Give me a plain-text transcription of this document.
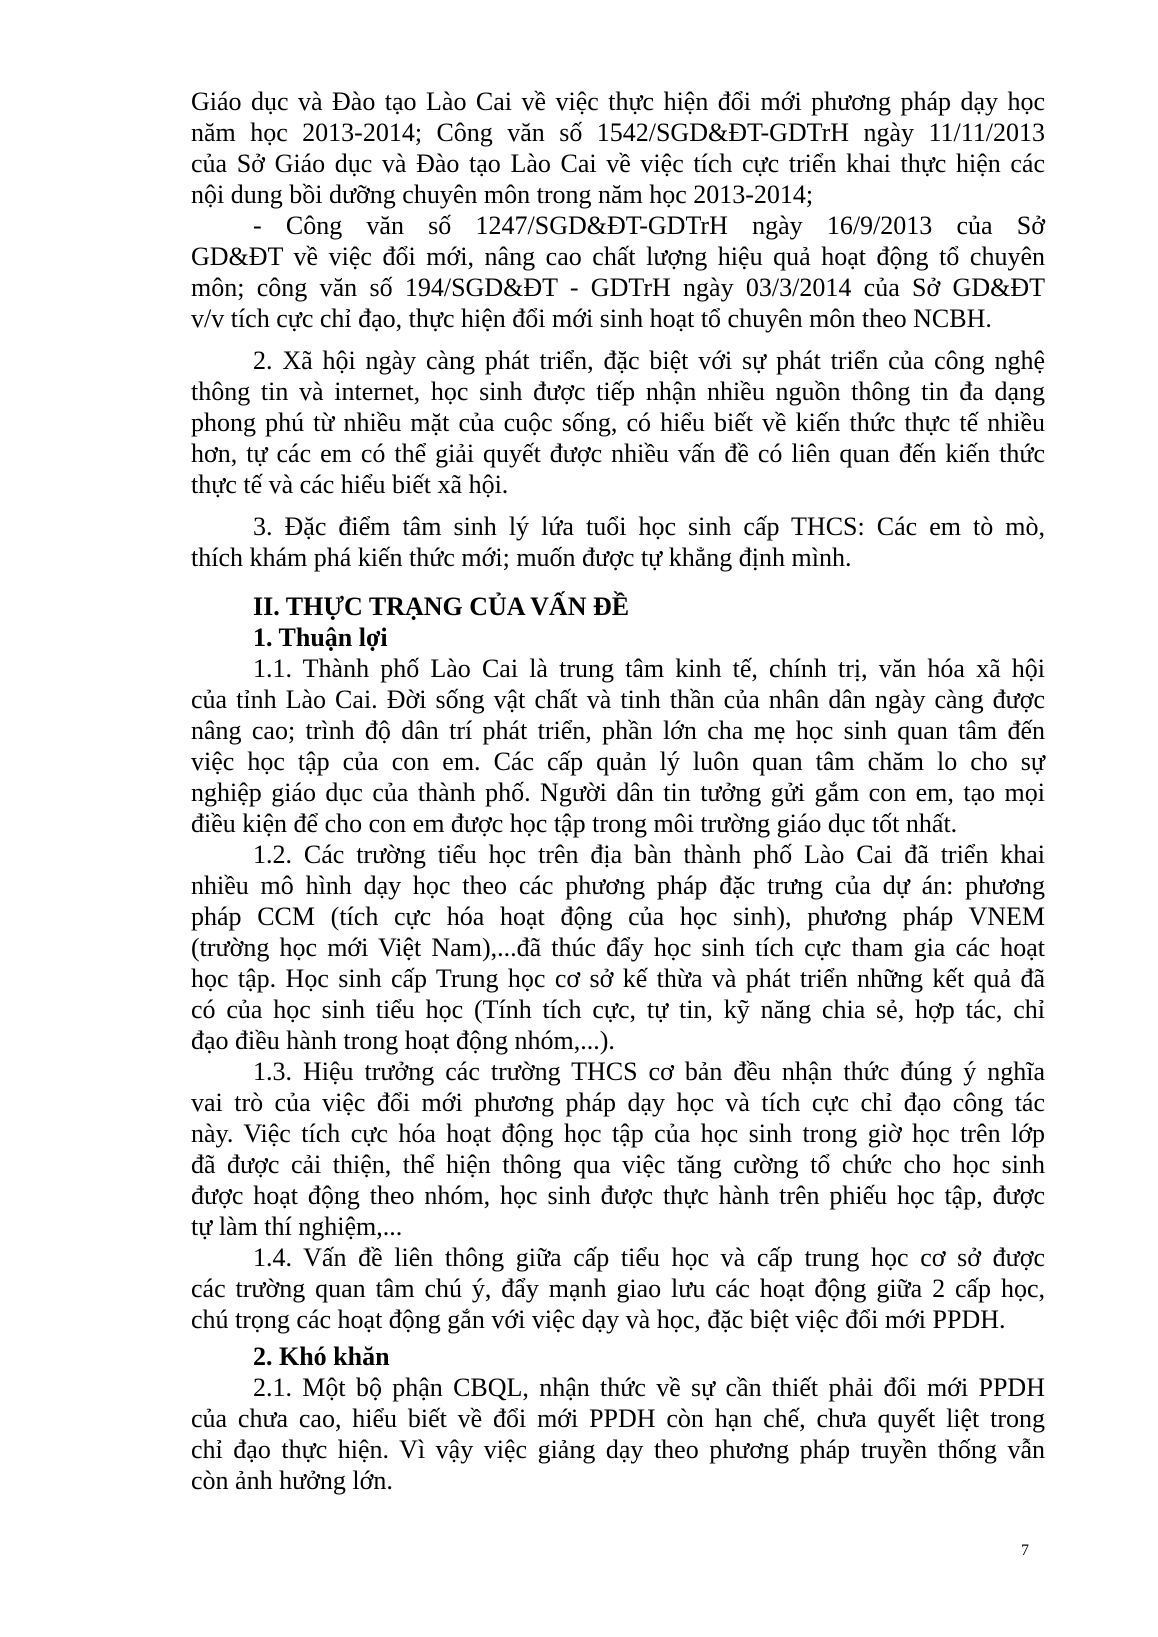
Giáo dục và Đào tạo Lào Cai về việc thực hiện đổi mới phương pháp dạy học
năm học 2013-2014; Công văn số 1542/SGD&ĐT-GDTrH ngày 11/11/2013
của Sở Giáo dục và Đào tạo Lào Cai về việc tích cực triển khai thực hiện các
nội dung bồi dưỡng chuyên môn trong năm học 2013-2014;
- Công văn số 1247/SGD&ĐT-GDTrH ngày 16/9/2013 của Sở
GD&ĐT về việc đổi mới, nâng cao chất lượng hiệu quả hoạt động tổ chuyên
môn; công văn số 194/SGD&ĐT - GDTrH ngày 03/3/2014 của Sở GD&ĐT
v/v tích cực chỉ đạo, thực hiện đổi mới sinh hoạt tổ chuyên môn theo NCBH.
2. Xã hội ngày càng phát triển, đặc biệt với sự phát triển của công nghệ
thông tin và internet, học sinh được tiếp nhận nhiều nguồn thông tin đa dạng
phong phú từ nhiều mặt của cuộc sống, có hiểu biết về kiến thức thực tế nhiều
hơn, tự các em có thể giải quyết được nhiều vấn đề có liên quan đến kiến thức
thực tế và các hiểu biết xã hội.
3. Đặc điểm tâm sinh lý lứa tuổi học sinh cấp THCS: Các em tò mò,
thích khám phá kiến thức mới; muốn được tự khẳng định mình.
II. THỰC TRẠNG CỦA VẤN ĐỀ
1. Thuận lợi
1.1. Thành phố Lào Cai là trung tâm kinh tế, chính trị, văn hóa xã hội
của tỉnh Lào Cai. Đời sống vật chất và tinh thần của nhân dân ngày càng được
nâng cao; trình độ dân trí phát triển, phần lớn cha mẹ học sinh quan tâm đến
việc học tập của con em. Các cấp quản lý luôn quan tâm chăm lo cho sự
nghiệp giáo dục của thành phố. Người dân tin tưởng gửi gắm con em, tạo mọi
điều kiện để cho con em được học tập trong môi trường giáo dục tốt nhất.
1.2. Các trường tiểu học trên địa bàn thành phố Lào Cai đã triển khai
nhiều mô hình dạy học theo các phương pháp đặc trưng của dự án: phương
pháp CCM (tích cực hóa hoạt động của học sinh), phương pháp VNEM
(trường học mới Việt Nam),...đã thúc đẩy học sinh tích cực tham gia các hoạt
học tập. Học sinh cấp Trung học cơ sở kế thừa và phát triển những kết quả đã
có của học sinh tiểu học (Tính tích cực, tự tin, kỹ năng chia sẻ, hợp tác, chỉ
đạo điều hành trong hoạt động nhóm,...).
1.3. Hiệu trưởng các trường THCS cơ bản đều nhận thức đúng ý nghĩa
vai trò của việc đổi mới phương pháp dạy học và tích cực chỉ đạo công tác
này. Việc tích cực hóa hoạt động học tập của học sinh trong giờ học trên lớp
đã được cải thiện, thể hiện thông qua việc tăng cường tổ chức cho học sinh
được hoạt động theo nhóm, học sinh được thực hành trên phiếu học tập, được
tự làm thí nghiệm,...
1.4. Vấn đề liên thông giữa cấp tiểu học và cấp trung học cơ sở được
các trường quan tâm chú ý, đẩy mạnh giao lưu các hoạt động giữa 2 cấp học,
chú trọng các hoạt động gắn với việc dạy và học, đặc biệt việc đổi mới PPDH.
2. Khó khăn
2.1. Một bộ phận CBQL, nhận thức về sự cần thiết phải đổi mới PPDH
của chưa cao, hiểu biết về đổi mới PPDH còn hạn chế, chưa quyết liệt trong
chỉ đạo thực hiện. Vì vậy việc giảng dạy theo phương pháp truyền thống vẫn
còn ảnh hưởng lớn.
7
